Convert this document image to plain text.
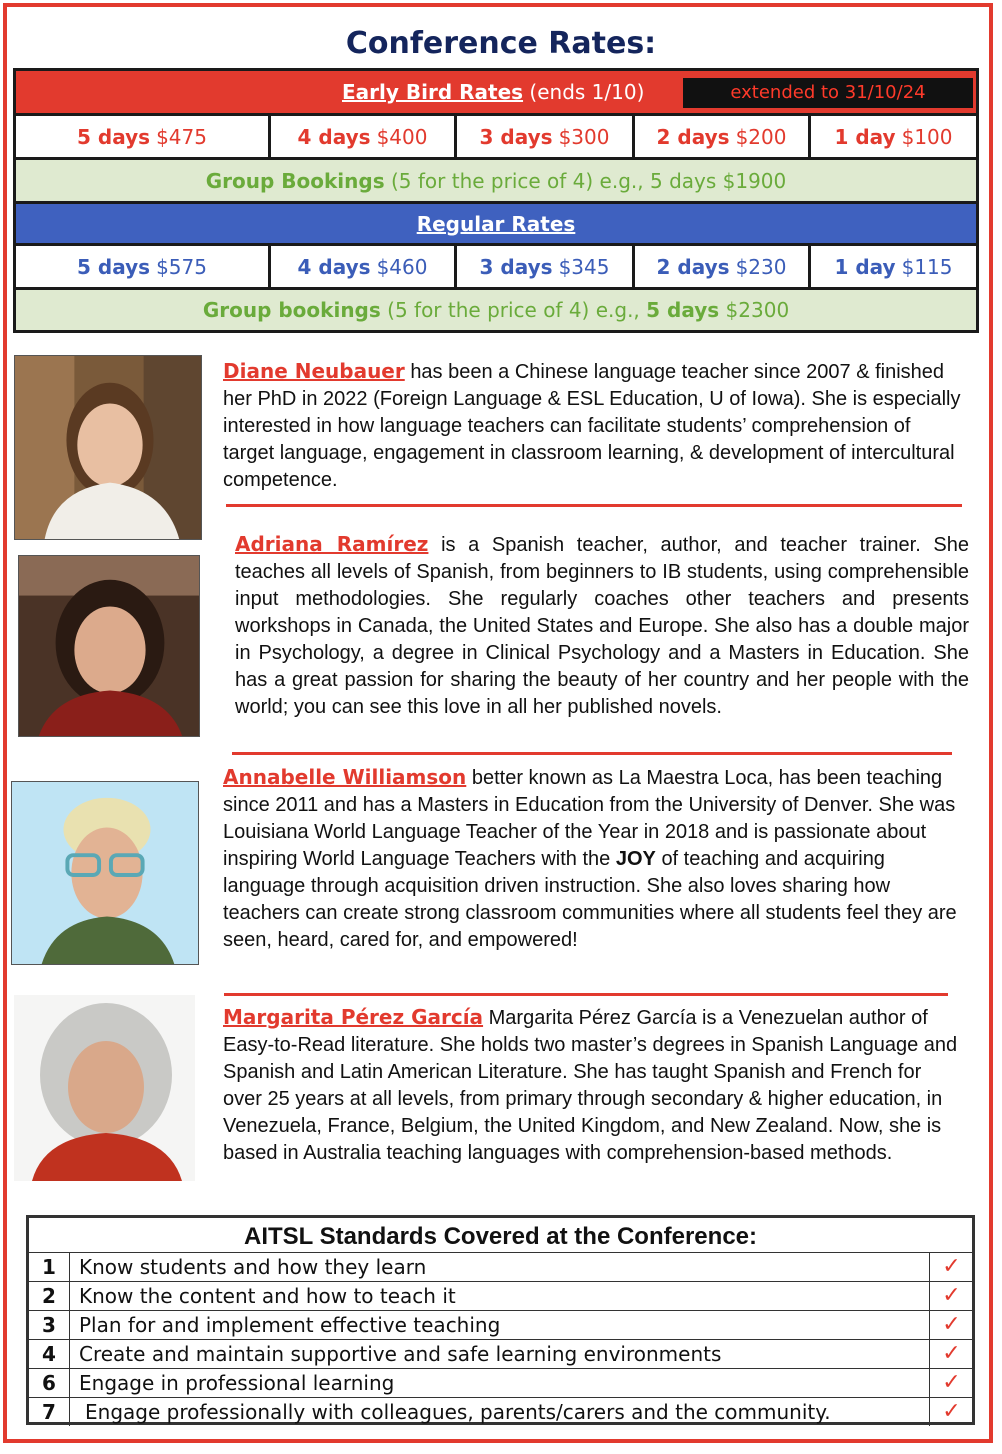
Conference Rates:
Early Bird Rates (ends 1/10)	extended to 31/10/24
5 days $475	4 days $400	3 days $300 2 days $200 1 day $100
Group Bookings
(5 for the price of 4) e.g., 5 days $1900
Regular Rates
5 days $575	4 days $460	3 days $345 2 days $230 1 day $115
Group bookings
(5 for the price of 4) e.g.,
5 days
$2300
Diane Neubauer has been a Chinese language teacher since 2007 & finished her PhD in 2022 (Foreign Language & ESL Education, U of Iowa). She is especially interested in how language teachers can facilitate students’ comprehension of target language, engagement in classroom learning, & development of intercultural competence.
Adriana Ramírez is a Spanish teacher, author, and teacher trainer. She teaches all levels of Spanish, from beginners to IB students, using comprehensible input methodologies. She regularly coaches other teachers and presents workshops in Canada, the United States and Europe. She also has a double major in Psychology, a degree in Clinical Psychology and a Masters in Education. She has a great passion for sharing the beauty of her country and her people with the world; you can see this love in all her published novels.
Annabelle Williamson better known as La Maestra Loca, has been teaching since 2011 and has a Masters in Education from the University of Denver. She was Louisiana World Language Teacher of the Year in 2018 and is passionate about inspiring World Language Teachers with the JOY of teaching and acquiring language through acquisition driven instruction. She also loves sharing how teachers can create strong classroom communities where all students feel they are seen, heard, cared for, and empowered!
Margarita Pérez García Margarita Pérez García is a Venezuelan author of Easy-to-Read literature. She holds two master’s degrees in Spanish Language and Spanish and Latin American Literature. She has taught Spanish and French for over 25 years at all levels, from primary through secondary & higher education, in Venezuela, France, Belgium, the United Kingdom, and New Zealand. Now, she is based in Australia teaching languages with comprehension-based methods.
AITSL Standards Covered at the Conference:
1	Know students and how they learn	✓
2	Know the content and how to teach it	✓
3	Plan for and implement effective teaching	✓
4	Create and maintain supportive and safe learning environments	✓
6	Engage in professional learning	✓
7	Engage professionally with colleagues, parents/carers and the community.	✓
